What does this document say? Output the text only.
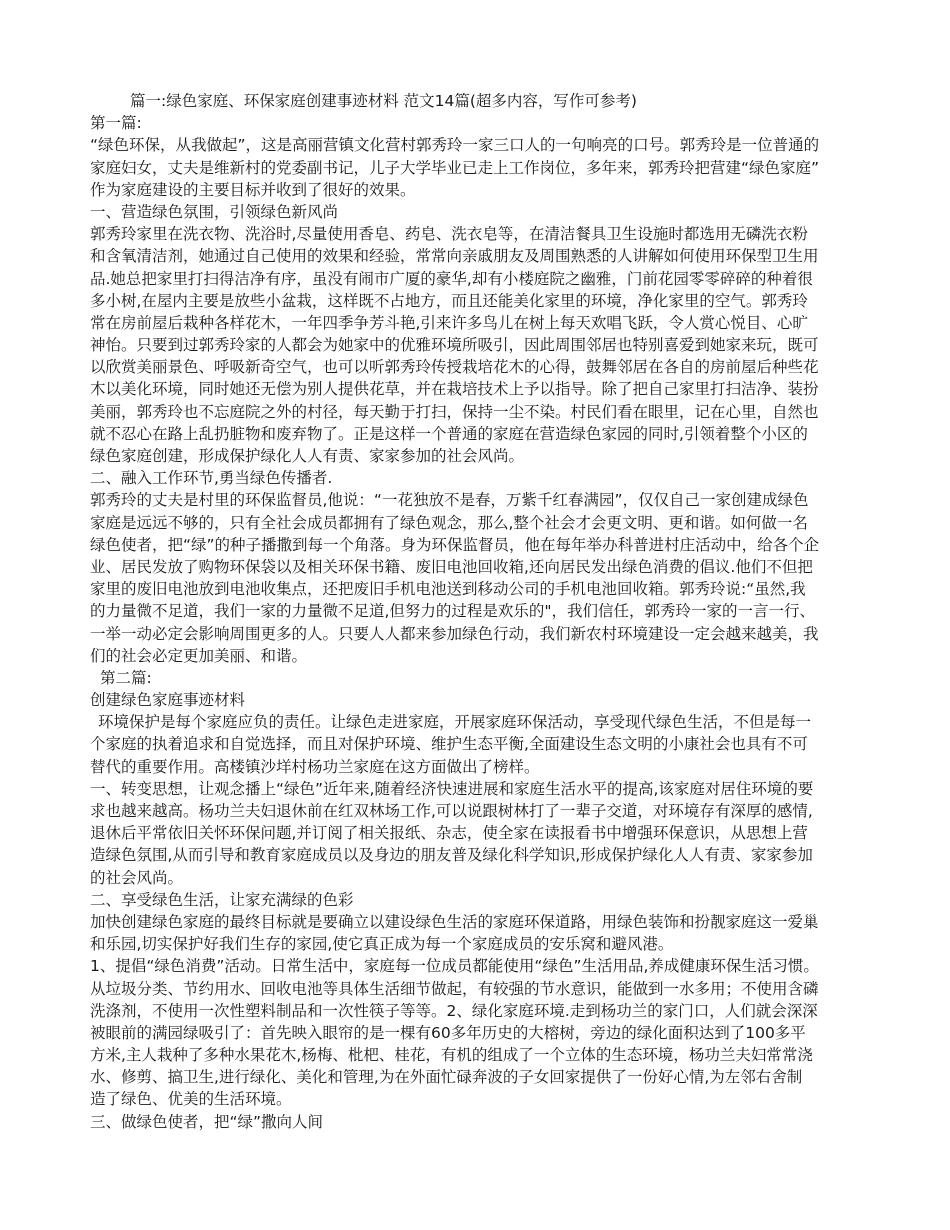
篇一:绿色家庭、环保家庭创建事迹材料 范文14篇(超多内容，写作可参考)
第一篇:
“绿色环保，从我做起”，这是高丽营镇文化营村郭秀玲一家三口人的一句响亮的口号。郭秀玲是一位普通的
家庭妇女，丈夫是维新村的党委副书记，儿子大学毕业已走上工作岗位，多年来，郭秀玲把营建“绿色家庭”
作为家庭建设的主要目标并收到了很好的效果。
一、营造绿色氛围，引领绿色新风尚
郭秀玲家里在洗衣物、洗浴时,尽量使用香皂、药皂、洗衣皂等，在清洁餐具卫生设施时都选用无磷洗衣粉
和含氧清洁剂，她通过自己使用的效果和经验，常常向亲戚朋友及周围熟悉的人讲解如何使用环保型卫生用
品.她总把家里打扫得洁净有序，虽没有闹市广厦的豪华,却有小楼庭院之幽雅，门前花园零零碎碎的种着很
多小树,在屋内主要是放些小盆栽，这样既不占地方，而且还能美化家里的环境，净化家里的空气。郭秀玲
常在房前屋后栽种各样花木，一年四季争芳斗艳,引来许多鸟儿在树上每天欢唱飞跃，令人赏心悦目、心旷
神怡。只要到过郭秀玲家的人都会为她家中的优雅环境所吸引，因此周围邻居也特别喜爱到她家来玩，既可
以欣赏美丽景色、呼吸新奇空气，也可以听郭秀玲传授栽培花木的心得，鼓舞邻居在各自的房前屋后种些花
木以美化环境，同时她还无偿为别人提供花草，并在栽培技术上予以指导。除了把自己家里打扫洁净、装扮
美丽，郭秀玲也不忘庭院之外的村径，每天勤于打扫，保持一尘不染。村民们看在眼里，记在心里，自然也
就不忍心在路上乱扔脏物和废弃物了。正是这样一个普通的家庭在营造绿色家园的同时,引领着整个小区的
绿色家庭创建，形成保护绿化人人有责、家家参加的社会风尚。
二、融入工作环节,勇当绿色传播者.
郭秀玲的丈夫是村里的环保监督员,他说：“一花独放不是春，万紫千红春满园”，仅仅自己一家创建成绿色
家庭是远远不够的，只有全社会成员都拥有了绿色观念，那么,整个社会才会更文明、更和谐。如何做一名
绿色使者，把“绿”的种子播撒到每一个角落。身为环保监督员，他在每年举办科普进村庄活动中，给各个企
业、居民发放了购物环保袋以及相关环保书籍、废旧电池回收箱,还向居民发出绿色消费的倡议.他们不但把
家里的废旧电池放到电池收集点，还把废旧手机电池送到移动公司的手机电池回收箱。郭秀玲说:“虽然,我
的力量微不足道，我们一家的力量微不足道,但努力的过程是欢乐的"，我们信任，郭秀玲一家的一言一行、
一举一动必定会影响周围更多的人。只要人人都来参加绿色行动，我们新农村环境建设一定会越来越美，我
们的社会必定更加美丽、和谐。
第二篇:
创建绿色家庭事迹材料
环境保护是每个家庭应负的责任。让绿色走进家庭，开展家庭环保活动，享受现代绿色生活，不但是每一
个家庭的执着追求和自觉选择，而且对保护环境、维护生态平衡,全面建设生态文明的小康社会也具有不可
替代的重要作用。高楼镇沙垟村杨功兰家庭在这方面做出了榜样。
一、转变思想，让观念播上“绿色”近年来,随着经济快速进展和家庭生活水平的提高,该家庭对居住环境的要
求也越来越高。杨功兰夫妇退休前在红双林场工作,可以说跟树林打了一辈子交道，对环境存有深厚的感情,
退休后平常依旧关怀环保问题,并订阅了相关报纸、杂志，使全家在读报看书中增强环保意识，从思想上营
造绿色氛围,从而引导和教育家庭成员以及身边的朋友普及绿化科学知识,形成保护绿化人人有责、家家参加
的社会风尚。
二、享受绿色生活，让家充满绿的色彩
加快创建绿色家庭的最终目标就是要确立以建设绿色生活的家庭环保道路，用绿色装饰和扮靓家庭这一爱巢
和乐园,切实保护好我们生存的家园,使它真正成为每一个家庭成员的安乐窝和避风港。
1、提倡“绿色消费”活动。日常生活中，家庭每一位成员都能使用“绿色”生活用品,养成健康环保生活习惯。
从垃圾分类、节约用水、回收电池等具体生活细节做起，有较强的节水意识，能做到一水多用；不使用含磷
洗涤剂，不使用一次性塑料制品和一次性筷子等等。2、绿化家庭环境.走到杨功兰的家门口，人们就会深深
被眼前的满园绿吸引了：首先映入眼帘的是一棵有60多年历史的大榕树，旁边的绿化面积达到了100多平
方米,主人栽种了多种水果花木,杨梅、枇杷、桂花，有机的组成了一个立体的生态环境，杨功兰夫妇常常浇
水、修剪、搞卫生,进行绿化、美化和管理,为在外面忙碌奔波的子女回家提供了一份好心情,为左邻右舍制
造了绿色、优美的生活环境。
三、做绿色使者，把“绿”撒向人间
